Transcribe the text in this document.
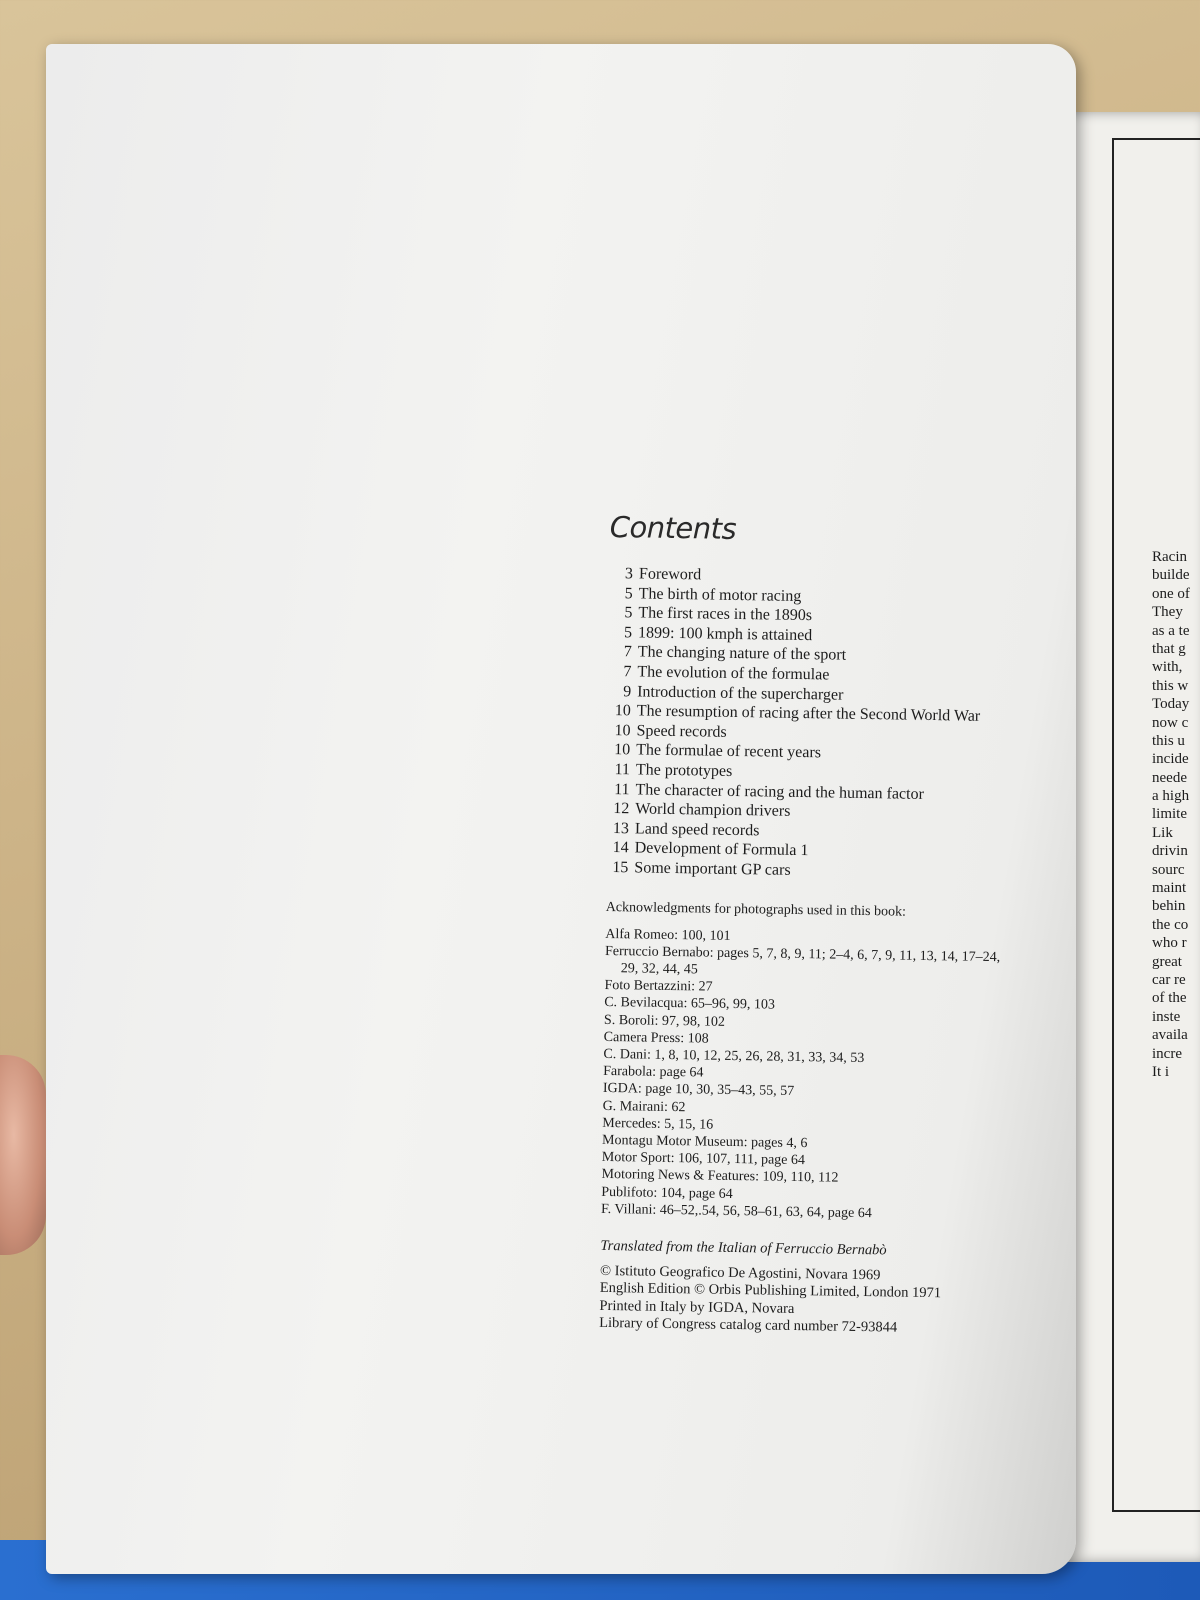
Racin
builde
one of
They
as a te
that g
with,
this w
Today
now c
this u
incide
neede
a high
limite
Lik
drivin
sourc
maint
behin
the co
who r
great
car re
of the
inste
availa
incre
It i
Contents
3 Foreword
5 The birth of motor racing
5 The first races in the 1890s
5 1899: 100 kmph is attained
7 The changing nature of the sport
7 The evolution of the formulae
9 Introduction of the supercharger
10 The resumption of racing after the Second World War
10 Speed records
10 The formulae of recent years
11 The prototypes
11 The character of racing and the human factor
12 World champion drivers
13 Land speed records
14 Development of Formula 1
15 Some important GP cars
Acknowledgments for photographs used in this book:
Alfa Romeo: 100, 101
Ferruccio Bernabo: pages 5, 7, 8, 9, 11; 2–4, 6, 7, 9, 11, 13, 14, 17–24,
29, 32, 44, 45
Foto Bertazzini: 27
C. Bevilacqua: 65–96, 99, 103
S. Boroli: 97, 98, 102
Camera Press: 108
C. Dani: 1, 8, 10, 12, 25, 26, 28, 31, 33, 34, 53
Farabola: page 64
IGDA: page 10, 30, 35–43, 55, 57
G. Mairani: 62
Mercedes: 5, 15, 16
Montagu Motor Museum: pages 4, 6
Motor Sport: 106, 107, 111, page 64
Motoring News & Features: 109, 110, 112
Publifoto: 104, page 64
F. Villani: 46–52,.54, 56, 58–61, 63, 64, page 64
Translated from the Italian of Ferruccio Bernabò
© Istituto Geografico De Agostini, Novara 1969
English Edition © Orbis Publishing Limited, London 1971
Printed in Italy by IGDA, Novara
Library of Congress catalog card number 72-93844
